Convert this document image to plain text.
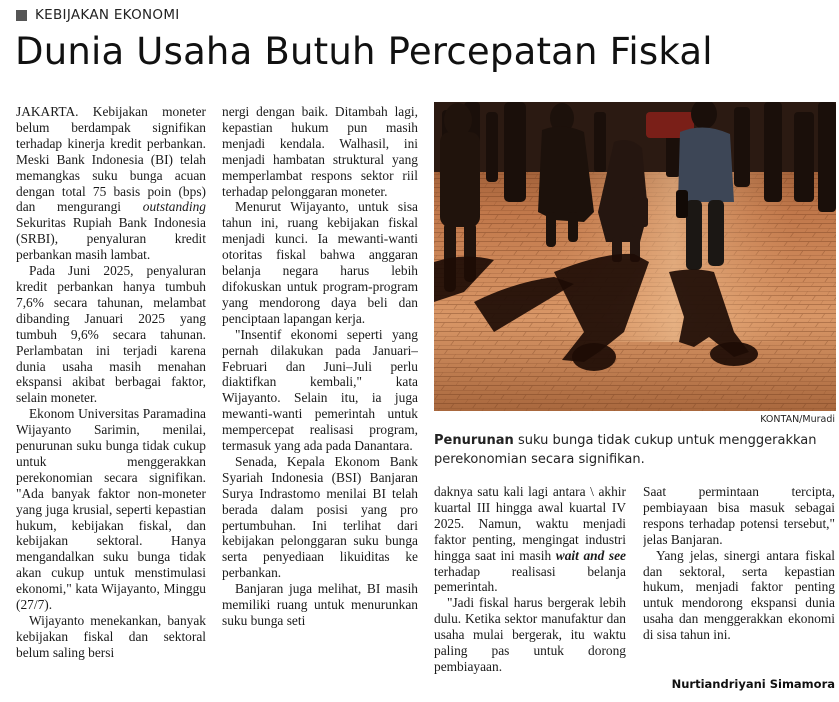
KEBIJAKAN EKONOMI
Dunia Usaha Butuh Percepatan Fiskal

JAKARTA. Kebijakan moneter belum berdampak signifikan terhadap kinerja kredit perbankan. Meski Bank Indonesia (BI) telah memangkas suku bunga acuan dengan total 75 basis poin (bps) dan mengurangi outstanding Sekuritas Rupiah Bank Indonesia (SRBI), penyaluran kredit perbankan masih lambat.

Pada Juni 2025, penyaluran kredit perbankan hanya tumbuh 7,6% secara tahunan, melambat dibanding Januari 2025 yang tumbuh 9,6% secara tahunan. Perlambatan ini terjadi karena dunia usaha masih menahan ekspansi akibat berbagai faktor, selain moneter.

Ekonom Universitas Paramadina Wijayanto Sarimin, menilai, penurunan suku bunga tidak cukup untuk menggerakkan perekonomian secara signifikan. "Ada banyak faktor non-moneter yang juga krusial, seperti kepastian hukum, kebijakan fiskal, dan kebijakan sektoral. Hanya mengandalkan suku bunga tidak akan cukup untuk menstimulasi ekonomi," kata Wijayanto, Minggu (27/7).

Wijayanto menekankan, banyak kebijakan fiskal dan sektoral belum saling bersi

nergi dengan baik. Ditambah lagi, kepastian hukum pun masih menjadi kendala. Walhasil, ini menjadi hambatan struktural yang memperlambat respons sektor riil terhadap pelonggaran moneter.

Menurut Wijayanto, untuk sisa tahun ini, ruang kebijakan fiskal menjadi kunci. Ia mewanti-wanti otoritas fiskal bahwa anggaran belanja negara harus lebih difokuskan untuk program-program yang mendorong daya beli dan penciptaan lapangan kerja.

"Insentif ekonomi seperti yang pernah dilakukan pada Januari–Februari dan Juni–Juli perlu diaktifkan kembali," kata Wijayanto. Selain itu, ia juga mewanti-wanti pemerintah untuk mempercepat realisasi program, termasuk yang ada pada Danantara.

Senada, Kepala Ekonom Bank Syariah Indonesia (BSI) Banjaran Surya Indrastomo menilai BI telah berada dalam posisi yang pro pertumbuhan. Ini terlihat dari kebijakan pelonggaran suku bunga serta penyediaan likuiditas ke perbankan.

Banjaran juga melihat, BI masih memiliki ruang untuk menurunkan suku bunga seti

KONTAN/Muradi
Penurunan suku bunga tidak cukup untuk menggerakkan perekonomian secara signifikan.

daknya satu kali lagi antara \ akhir kuartal III hingga awal kuartal IV 2025. Namun, waktu menjadi faktor penting, mengingat industri hingga saat ini masih wait and see terhadap realisasi belanja pemerintah.

"Jadi fiskal harus bergerak lebih dulu. Ketika sektor manufaktur dan usaha mulai bergerak, itu waktu paling pas untuk dorong pembiayaan.

Saat permintaan tercipta, pembiayaan bisa masuk sebagai respons terhadap potensi tersebut," jelas Banjaran.

Yang jelas, sinergi antara fiskal dan sektoral, serta kepastian hukum, menjadi faktor penting untuk mendorong ekspansi dunia usaha dan menggerakkan ekonomi di sisa tahun ini.

Nurtiandriyani Simamora
